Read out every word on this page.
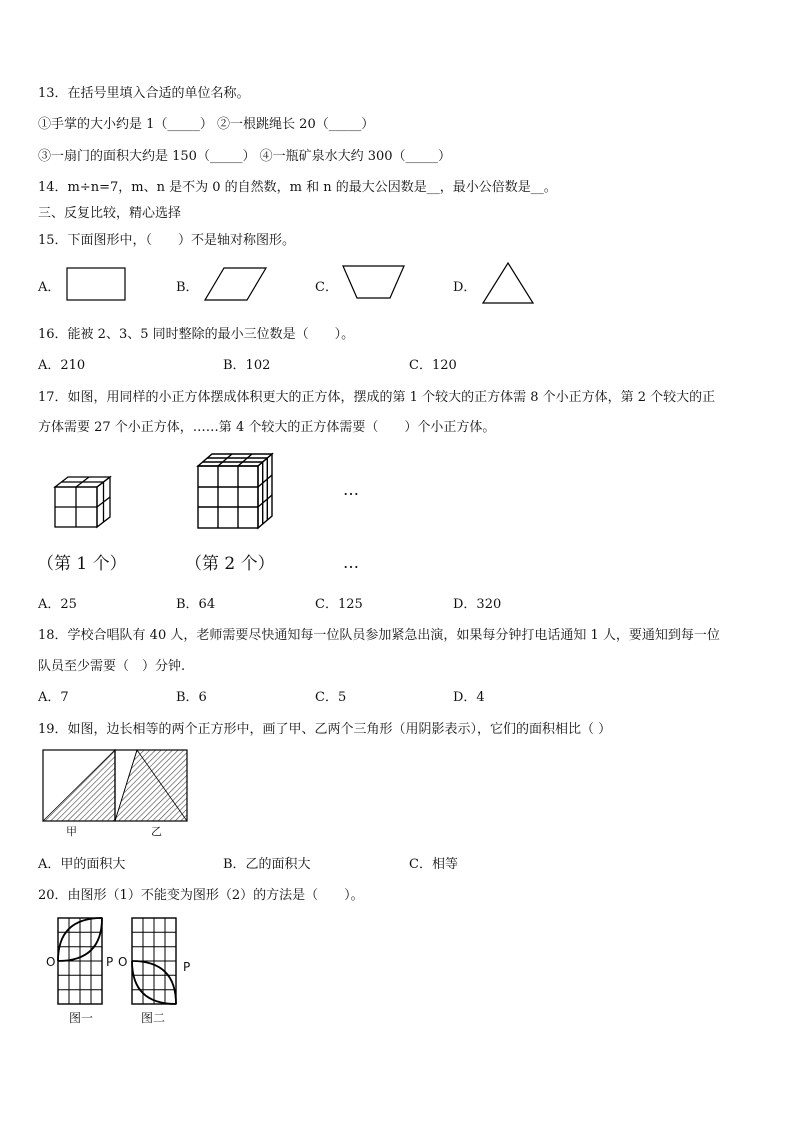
13．在括号里填入合适的单位名称。
①手掌的大小约是 1（_____） ②一根跳绳长 20（_____）
③一扇门的面积大约是 150（_____） ④一瓶矿泉水大约 300（_____）
14．m÷n=7，m、n 是不为 0 的自然数，m 和 n 的最大公因数是__，最小公倍数是__。
三、反复比较，精心选择
15．下面图形中，（　　）不是轴对称图形。
A．	B．	C．	D．
16．能被 2、3、5 同时整除的最小三位数是（　　）。
A．210	B．102	C．120
17．如图，用同样的小正方体摆成体积更大的正方体，摆成的第 1 个较大的正方体需 8 个小正方体，第 2 个较大的正
方体需要 27 个小正方体，……第 4 个较大的正方体需要（　　）个小正方体。
…
（第 1 个）	（第 2 个）	…
A．25	B．64	C．125	D．320
18．学校合唱队有 40 人，老师需要尽快通知每一位队员参加紧急出演，如果每分钟打电话通知 1 人，要通知到每一位
队员至少需要（　）分钟.
A．7	B．6	C．5	D．4
19．如图，边长相等的两个正方形中，画了甲、乙两个三角形（用阴影表示），它们的面积相比（ ）
甲	乙
A．甲的面积大	B．乙的面积大	C．相等
20．由图形（1）不能变为图形（2）的方法是（　　）。
O	P O	P
图一	图二
